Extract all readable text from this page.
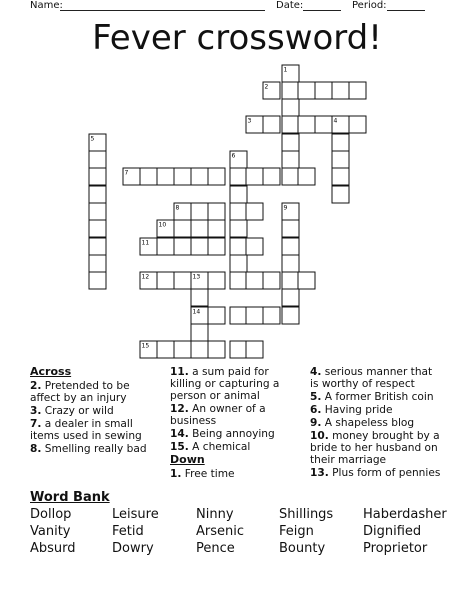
Name:	Date:	Period:
Fever crossword!
1
2
3	4
5
6
7
8	9
10
11
12	13
14
15
Across
2. Pretended to be affect by an injury
3. Crazy or wild
7. a dealer in small items used in sewing
8. Smelling really bad
11. a sum paid for killing or capturing a person or animal
12. An owner of a business
14. Being annoying
15. A chemical
Down
1. Free time
4. serious manner that is worthy of respect
5. A former British coin
6. Having pride
9. A shapeless blog
10. money brought by a bride to her husband on their marriage
13. Plus form of pennies
Word Bank
Dollop	Leisure	Ninny	Shillings Haberdasher
Vanity	Fetid	Arsenic	Feign	Dignified
Absurd	Dowry	Pence	Bounty	Proprietor
